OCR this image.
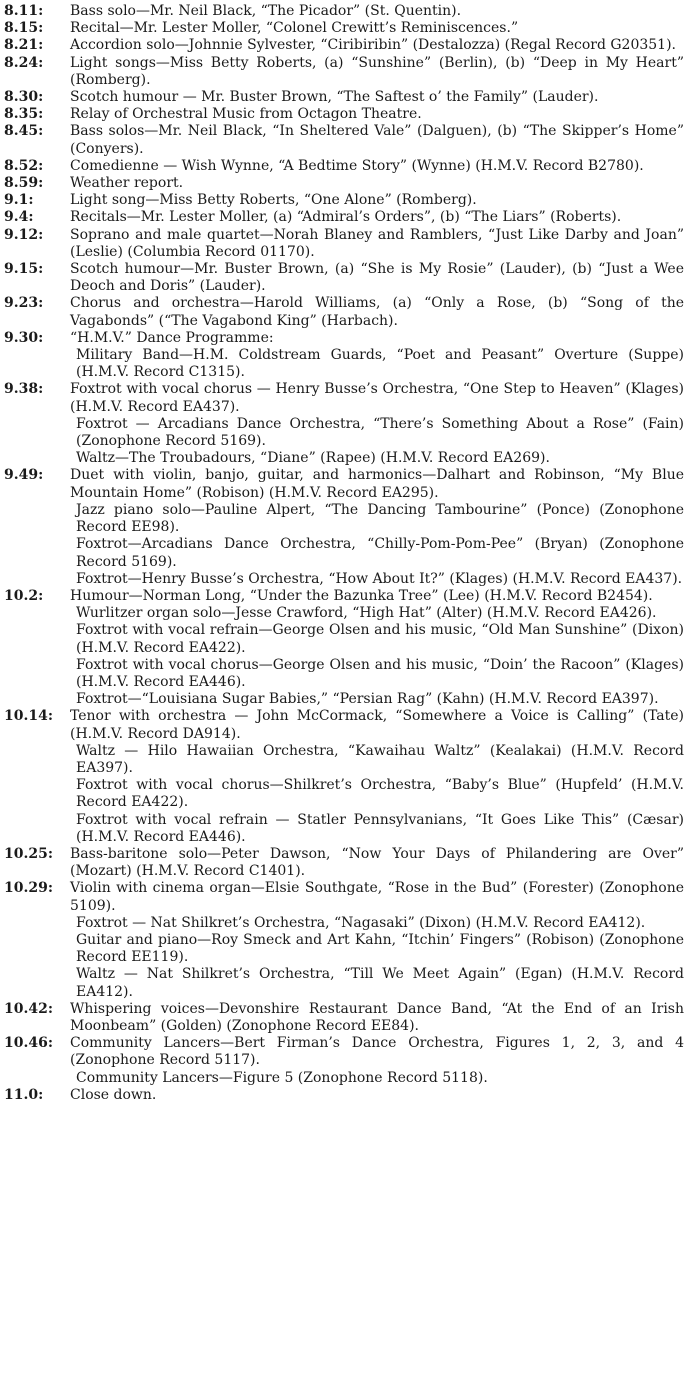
8.11 :	Bass solo—Mr. Neil Black, “The Picador” (St. Quentin).
8.15 :	Recital—Mr. Lester Moller, “Colonel Crewitt’s Reminiscences.”
8.21 :	Accordion solo—Johnnie Sylvester, “Ciribiribin” (Destalozza) (Regal Record G20351).
8.24 :	Light songs—Miss Betty Roberts, (a) “Sunshine” (Berlin), (b) “Deep in My Heart” (Romberg).
8.30 :	Scotch humour — Mr. Buster Brown, “The Saftest o’ the Family” (Lauder).
8.35 :	Relay of Orchestral Music from Octagon Theatre.
8.45 :	Bass solos—Mr. Neil Black, “In Sheltered Vale” (Dalguen), (b) “The Skipper’s Home” (Conyers).
8.52 :	Comedienne — Wish Wynne, “A Bedtime Story” (Wynne) (H.M.V. Record B2780).
8.59 :	Weather report.
9.1 :	Light song—Miss Betty Roberts, “One Alone” (Romberg).
9.4 :	Recitals—Mr. Lester Moller, (a) “Admiral’s Orders”, (b) “The Liars” (Roberts).
9.12 :	Soprano and male quartet—Norah Blaney and Ramblers, “Just Like Darby and Joan” (Leslie) (Columbia Record 01170).
9.15 :	Scotch humour—Mr. Buster Brown, (a) “She is My Rosie” (Lauder), (b) “Just a Wee Deoch and Doris” (Lauder).
9.23 :	Chorus and orchestra—Harold Williams, (a) “Only a Rose, (b) “Song of the Vagabonds” (“The Vagabond King” (Harbach).
9.30 :	“H.M.V.” Dance Programme:
Military Band—H.M. Coldstream Guards, “Poet and Peasant” Overture (Suppe) (H.M.V. Record C1315).
9.38 :	Foxtrot with vocal chorus — Henry Busse’s Orchestra, “One Step to Heaven” (Klages) (H.M.V. Record EA437).
Foxtrot — Arcadians Dance Orchestra, “There’s Something About a Rose” (Fain) (Zonophone Record 5169).
Waltz—The Troubadours, “Diane” (Rapee) (H.M.V. Record EA269).
9.49 :	Duet with violin, banjo, guitar, and harmonics—Dalhart and Robinson, “My Blue Mountain Home” (Robison) (H.M.V. Record EA295).
Jazz piano solo—Pauline Alpert, “The Dancing Tambourine” (Ponce) (Zonophone Record EE98).
Foxtrot—Arcadians Dance Orchestra, “Chilly-Pom-Pom-Pee” (Bryan) (Zonophone Record 5169).
Foxtrot—Henry Busse’s Orchestra, “How About It?” (Klages) (H.M.V. Record EA437).
10.2 :	Humour—Norman Long, “Under the Bazunka Tree” (Lee) (H.M.V. Record B2454).
Wurlitzer organ solo—Jesse Crawford, “High Hat” (Alter) (H.M.V. Record EA426).
Foxtrot with vocal refrain—George Olsen and his music, “Old Man Sunshine” (Dixon) (H.M.V. Record EA422).
Foxtrot with vocal chorus—George Olsen and his music, “Doin’ the Racoon” (Klages) (H.M.V. Record EA446).
Foxtrot—“Louisiana Sugar Babies,” “Persian Rag” (Kahn) (H.M.V. Record EA397).
10.14 :	Tenor with orchestra — John McCormack, “Somewhere a Voice is Calling” (Tate) (H.M.V. Record DA914).
Waltz — Hilo Hawaiian Orchestra, “Kawaihau Waltz” (Kealakai) (H.M.V. Record EA397).
Foxtrot with vocal chorus—Shilkret’s Orchestra, “Baby’s Blue” (Hupfeld’ (H.M.V. Record EA422).
Foxtrot with vocal refrain — Statler Pennsylvanians, “It Goes Like This” (Cæsar) (H.M.V. Record EA446).
10.25 :	Bass-baritone solo—Peter Dawson, “Now Your Days of Philandering are Over” (Mozart) (H.M.V. Record C1401).
10.29 :	Violin with cinema organ—Elsie Southgate, “Rose in the Bud” (Forester) (Zonophone 5109).
Foxtrot — Nat Shilkret’s Orchestra, “Nagasaki” (Dixon) (H.M.V. Record EA412).
Guitar and piano—Roy Smeck and Art Kahn, “Itchin’ Fingers” (Robison) (Zonophone Record EE119).
Waltz — Nat Shilkret’s Orchestra, “Till We Meet Again” (Egan) (H.M.V. Record EA412).
10.42 :	Whispering voices—Devonshire Restaurant Dance Band, “At the End of an Irish Moonbeam” (Golden) (Zonophone Record EE84).
10.46 :	Community Lancers—Bert Firman’s Dance Orchestra, Figures 1, 2, 3, and 4 (Zonophone Record 5117).
Community Lancers—Figure 5 (Zonophone Record 5118).
11.0 :	Close down.
